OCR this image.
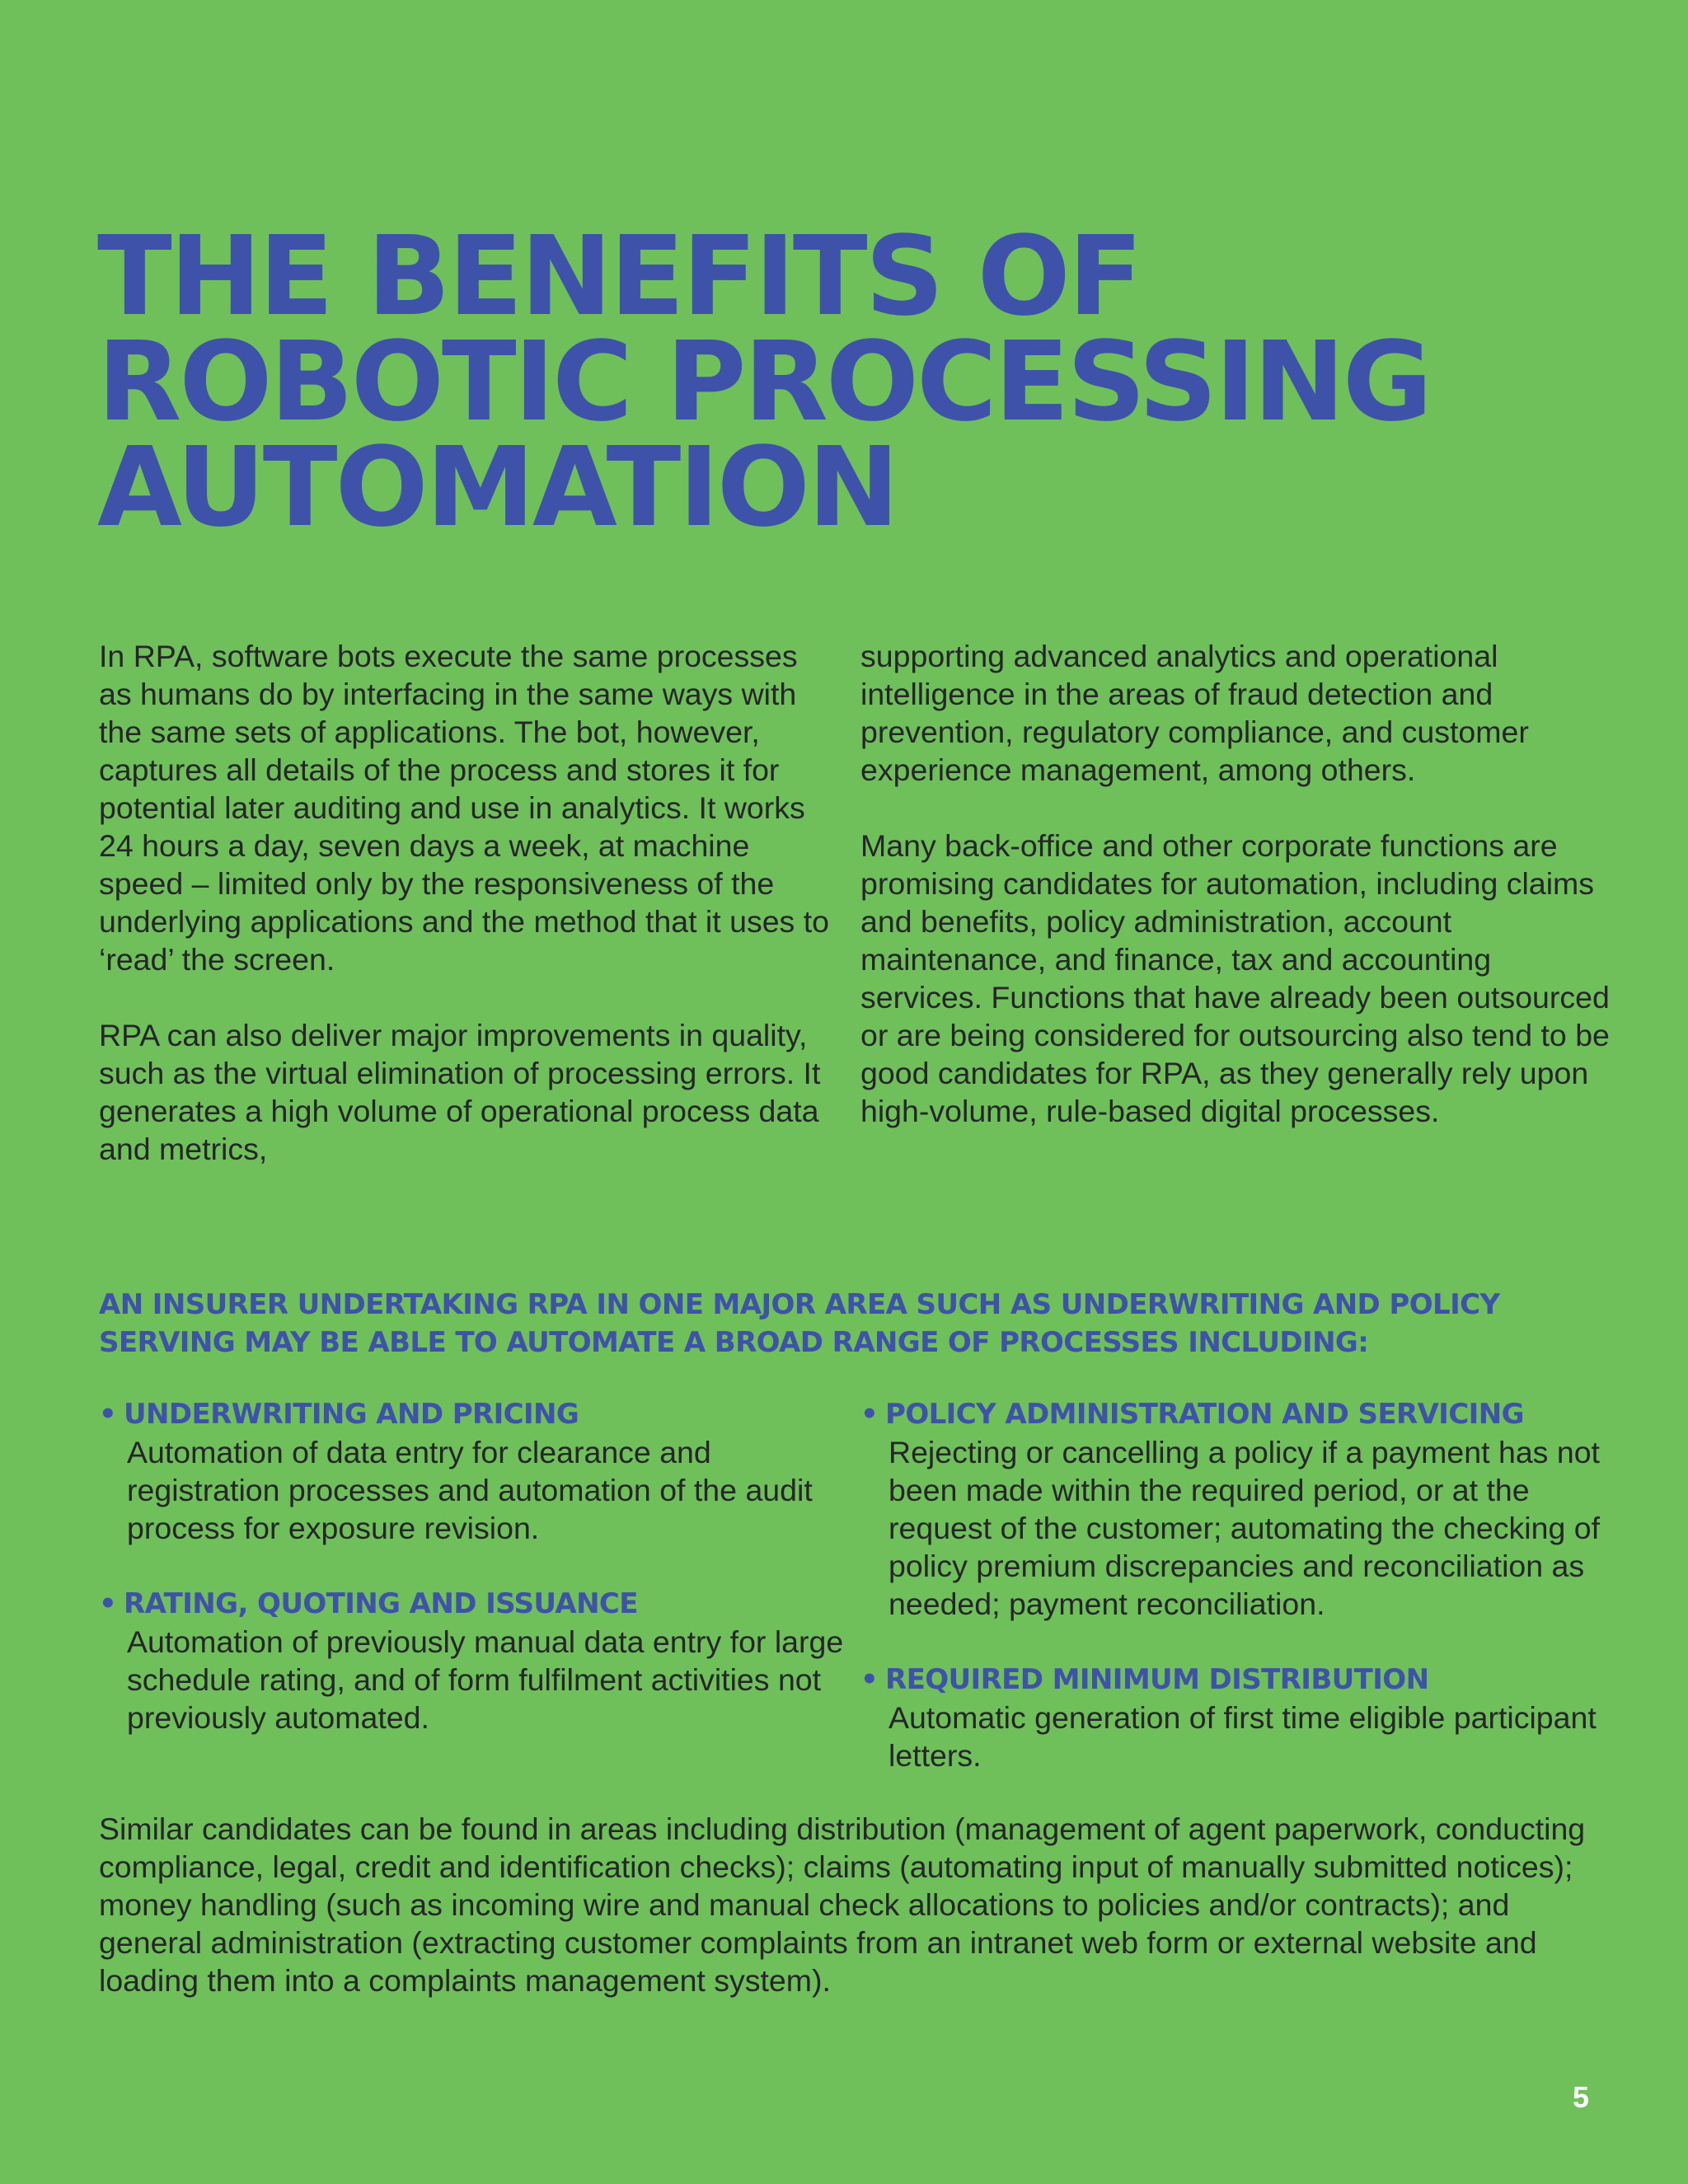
THE BENEFITS OF
ROBOTIC PROCESSING
AUTOMATION

In RPA, software bots execute the same processes as humans do by interfacing in the same ways with the same sets of applications. The bot, however, captures all details of the process and stores it for potential later auditing and use in analytics. It works 24 hours a day, seven days a week, at machine speed – limited only by the responsiveness of the underlying applications and the method that it uses to ‘read’ the screen.

RPA can also deliver major improvements in quality, such as the virtual elimination of processing errors. It generates a high volume of operational process data and metrics,

supporting advanced analytics and operational intelligence in the areas of fraud detection and prevention, regulatory compliance, and customer experience management, among others.

Many back-office and other corporate functions are promising candidates for automation, including claims and benefits, policy administration, account maintenance, and finance, tax and accounting services. Functions that have already been outsourced or are being considered for outsourcing also tend to be good candidates for RPA, as they generally rely upon high-volume, rule-based digital processes.

AN INSURER UNDERTAKING RPA IN ONE MAJOR AREA SUCH AS UNDERWRITING AND POLICY SERVING MAY BE ABLE TO AUTOMATE A BROAD RANGE OF PROCESSES INCLUDING:

• UNDERWRITING AND PRICING
Automation of data entry for clearance and registration processes and automation of the audit process for exposure revision.
• RATING, QUOTING AND ISSUANCE
Automation of previously manual data entry for large schedule rating, and of form fulfilment activities not previously automated.
• POLICY ADMINISTRATION AND SERVICING
Rejecting or cancelling a policy if a payment has not been made within the required period, or at the request of the customer; automating the checking of policy premium discrepancies and reconciliation as needed; payment reconciliation.
• REQUIRED MINIMUM DISTRIBUTION
Automatic generation of first time eligible participant letters.

Similar candidates can be found in areas including distribution (management of agent paperwork, conducting compliance, legal, credit and identification checks); claims (automating input of manually submitted notices); money handling (such as incoming wire and manual check allocations to policies and/or contracts); and general administration (extracting customer complaints from an intranet web form or external website and loading them into a complaints management system).

5
